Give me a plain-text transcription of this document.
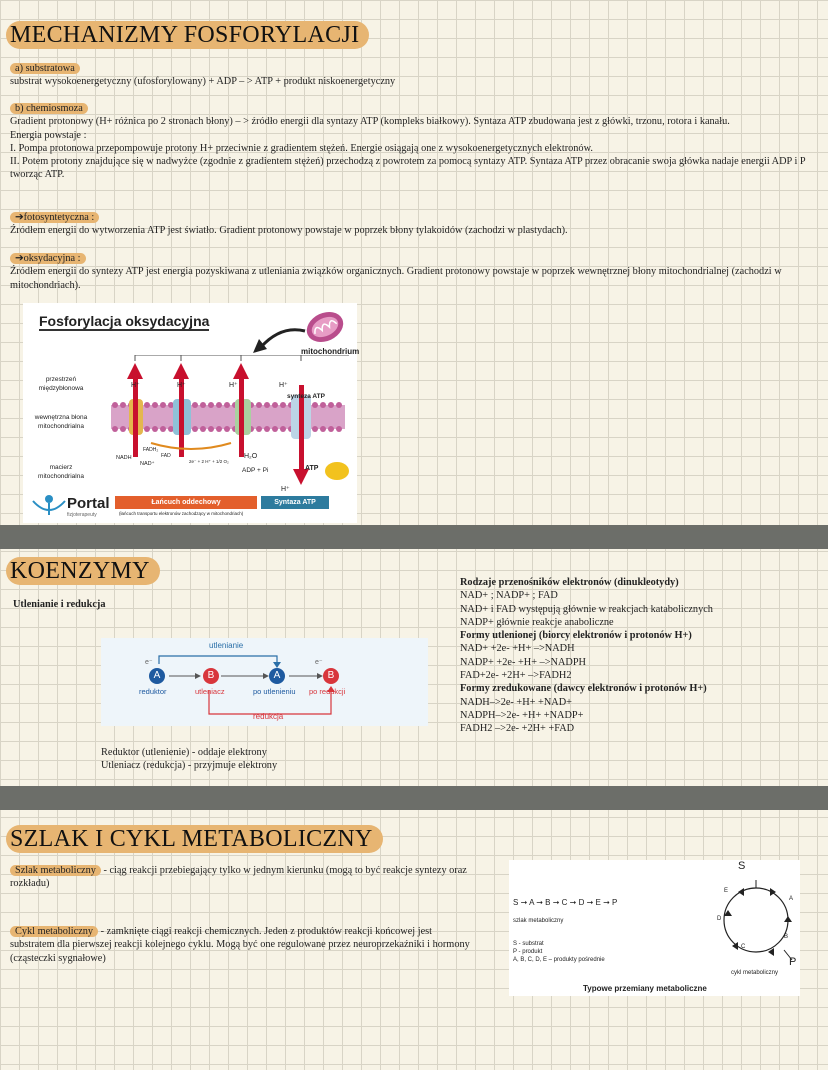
MECHANIZMY FOSFORYLACJI
a) substratowa
substrat wysokoenergetyczny (ufosforylowany) + ADP – > ATP + produkt niskoenergetyczny
b) chemiosmoza

Gradient protonowy (H+ różnica po 2 stronach błony) – > źródło energii dla syntazy ATP (kompleks białkowy). Syntaza ATP zbudowana jest z główki, trzonu, rotora i kanału.

Energia powstaje :

I. Pompa protonowa przepompowuje protony H+ przeciwnie z gradientem stężeń. Energie osiągają one z wysokoenergetycznych elektronów.

II. Potem protony znajdujące się w nadwyżce (zgodnie z gradientem stężeń) przechodzą z powrotem za pomocą syntazy ATP. Syntaza ATP przez obracanie swoja główka nadaje energii ADP i P tworząc ATP.

➔fotosyntetyczna :
Źródłem energii do wytworzenia ATP jest światło. Gradient protonowy powstaje w poprzek błony tylakoidów (zachodzi w plastydach).
➔oksydacyjna :
Źródłem energii do syntezy ATP jest energia pozyskiwana z utleniania związków organicznych. Gradient protonowy powstaje w poprzek wewnętrznej błony mitochondrialnej (zachodzi w mitochondriach).
Fosforylacja oksydacyjna
mitochondrium
przestrzeń międzybłonowa
wewnętrzna błona mitochondrialna
macierz mitochondrialna
H⁺	H⁺	H⁺	H⁺
synteza ATP
NADH
NAD⁺
FADH₂
FAD
2e⁻ + 2 H⁺ + 1/2 O₂
H₂O
ADP + Pi
H⁺
ATP
Portal
fizjoterapeuty
Łańcuch oddechowy	Syntaza ATP
(łańcuch transportu elektronów zachodzący w mitochondriach)
KOENZYMY
Utlenianie i redukcja
utlenianie
redukcja
e⁻	e⁻
A	B	A	B
reduktor	utleniacz	po utlenieniu po redukcji

Reduktor (utlenienie) - oddaje elektrony

Utleniacz (redukcja) - przyjmuje elektrony

Rodzaje przenośników elektronów (dinukleotydy)

NAD+ ; NADP+ ; FAD

NAD+ i FAD występują głównie w reakcjach katabolicznych

NADP+ głównie reakcje anaboliczne

Formy utlenionej (biorcy elektronów i protonów H+)

NAD+ +2e- +H+ –>NADH

NADP+ +2e- +H+ –>NADPH

FAD+2e- +2H+ –>FADH2

Formy zredukowane (dawcy elektronów i protonów H+)

NADH–>2e- +H+ +NAD+

NADPH–>2e- +H+ +NADP+

FADH2 –>2e- +2H+ +FAD

SZLAK I CYKL METABOLICZNY
Szlak metaboliczny - ciąg reakcji przebiegający tylko w jednym kierunku (mogą to być reakcje syntezy oraz rozkładu)
Cykl metaboliczny - zamknięte ciągi reakcji chemicznych. Jeden z produktów reakcji końcowej jest substratem dla pierwszej reakcji kolejnego cyklu. Mogą być one regulowane przez neuroprzekaźniki i hormony (cząsteczki sygnałowe)
S ➞ A ➞ B ➞ C ➞ D ➞ E ➞ P
szlak metaboliczny
S - substrat
P - produkt
A, B, C, D, E – produkty pośrednie
S
A
B
C
D
E
P
cykl metaboliczny
Typowe przemiany metaboliczne
